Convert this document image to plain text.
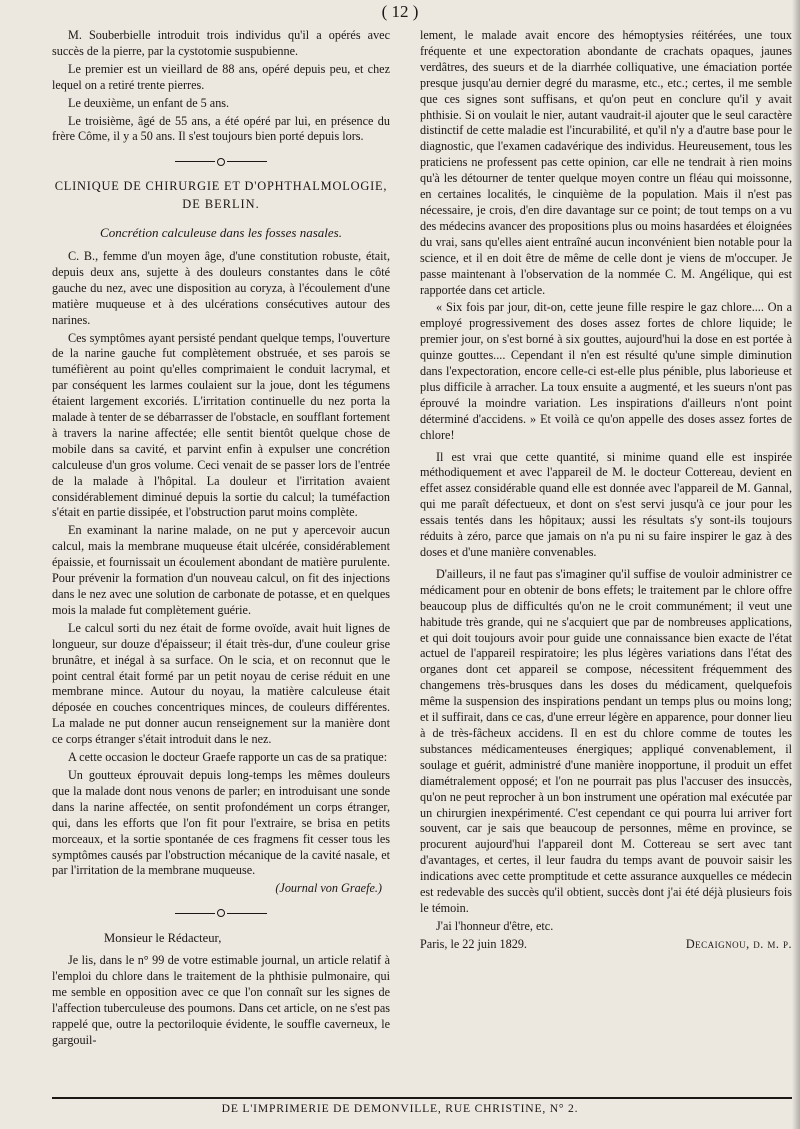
( 12 )

M. Souberbielle introduit trois individus qu'il a opérés avec succès de la pierre, par la cystotomie suspubienne.

Le premier est un vieillard de 88 ans, opéré depuis peu, et chez lequel on a retiré trente pierres.

Le deuxième, un enfant de 5 ans.

Le troisième, âgé de 55 ans, a été opéré par lui, en présence du frère Côme, il y a 50 ans. Il s'est toujours bien porté depuis lors.

CLINIQUE DE CHIRURGIE ET D'OPHTHALMOLOGIE,
DE BERLIN.
Concrétion calculeuse dans les fosses nasales.

C. B., femme d'un moyen âge, d'une constitution robuste, était, depuis deux ans, sujette à des douleurs constantes dans le côté gauche du nez, avec une disposition au coryza, à l'écoulement d'une matière muqueuse et à des ulcérations consécutives autour des narines.

Ces symptômes ayant persisté pendant quelque temps, l'ouverture de la narine gauche fut complètement obstruée, et ses parois se tuméfièrent au point qu'elles comprimaient le conduit lacrymal, et par conséquent les larmes coulaient sur la joue, dont les tégumens étaient largement excoriés. L'irritation continuelle du nez porta la malade à tenter de se débarrasser de l'obstacle, en soufflant fortement à travers la narine affectée; elle sentit bientôt quelque chose de mobile dans sa cavité, et parvint enfin à expulser une concrétion calculeuse d'un gros volume. Ceci venait de se passer lors de l'entrée de la malade à l'hôpital. La douleur et l'irritation avaient considérablement diminué depuis la sortie du calcul; la tuméfaction s'était en partie dissipée, et l'obstruction parut moins complète.

En examinant la narine malade, on ne put y apercevoir aucun calcul, mais la membrane muqueuse était ulcérée, considérablement épaissie, et fournissait un écoulement abondant de matière purulente. Pour prévenir la formation d'un nouveau calcul, on fit des injections dans le nez avec une solution de carbonate de potasse, et en quelques mois la malade fut complètement guérie.

Le calcul sorti du nez était de forme ovoïde, avait huit lignes de longueur, sur douze d'épaisseur; il était très-dur, d'une couleur grise brunâtre, et inégal à sa surface. On le scia, et on reconnut que le point central était formé par un petit noyau de cerise réduit en une membrane mince. Autour du noyau, la matière calculeuse était déposée en couches concentriques minces, de couleurs différentes. La malade ne put donner aucun renseignement sur la manière dont ce corps étranger s'était introduit dans le nez.

A cette occasion le docteur Graefe rapporte un cas de sa pratique:

Un goutteux éprouvait depuis long-temps les mêmes douleurs que la malade dont nous venons de parler; en introduisant une sonde dans la narine affectée, on sentit profondément un corps étranger, qui, dans les efforts que l'on fit pour l'extraire, se brisa en petits morceaux, et la sortie spontanée de ces fragmens fit cesser tous les symptômes causés par l'obstruction mécanique de la cavité nasale, et par l'irritation de la membrane muqueuse.

(Journal von Graefe.)

Monsieur le Rédacteur,

Je lis, dans le n° 99 de votre estimable journal, un article relatif à l'emploi du chlore dans le traitement de la phthisie pulmonaire, qui me semble en opposition avec ce que l'on connaît sur les signes de l'affection tuberculeuse des poumons. Dans cet article, on ne s'est pas rappelé que, outre la pectoriloquie évidente, le souffle caverneux, le gargouil-

lement, le malade avait encore des hémoptysies réitérées, une toux fréquente et une expectoration abondante de crachats opaques, jaunes verdâtres, des sueurs et de la diarrhée colliquative, une émaciation portée presque jusqu'au dernier degré du marasme, etc., etc.; certes, il me semble que ces signes sont suffisans, et qu'on peut en conclure qu'il y avait phthisie. Si on voulait le nier, autant vaudrait-il ajouter que le seul caractère distinctif de cette maladie est l'incurabilité, et qu'il n'y a d'autre base pour le diagnostic, que l'examen cadavérique des individus. Heureusement, tous les praticiens ne professent pas cette opinion, car elle ne tendrait à rien moins qu'à les détourner de tenter quelque moyen contre un fléau qui moissonne, en certaines localités, le cinquième de la population. Mais il n'est pas nécessaire, je crois, d'en dire davantage sur ce point; de tout temps on a vu des médecins avancer des propositions plus ou moins hasardées et éloignées du vrai, sans qu'elles aient entraîné aucun inconvénient bien notable pour la science, et il en doit être de même de celle dont je viens de m'occuper. Je passe maintenant à l'observation de la nommée C. M. Angélique, qui est rapportée dans cet article.

« Six fois par jour, dit-on, cette jeune fille respire le gaz chlore.... On a employé progressivement des doses assez fortes de chlore liquide; le premier jour, on s'est borné à six gouttes, aujourd'hui la dose en est portée à quinze gouttes.... Cependant il n'en est résulté qu'une simple diminution dans l'expectoration, encore celle-ci est-elle plus pénible, plus laborieuse et plus difficile à arracher. La toux ensuite a augmenté, et les sueurs n'ont pas éprouvé la moindre variation. Les inspirations d'ailleurs n'ont point déterminé d'accidens. » Et voilà ce qu'on appelle des doses assez fortes de chlore!

Il est vrai que cette quantité, si minime quand elle est inspirée méthodiquement et avec l'appareil de M. le docteur Cottereau, devient en effet assez considérable quand elle est donnée avec l'appareil de M. Gannal, qui me paraît défectueux, et dont on s'est servi jusqu'à ce jour pour les essais tentés dans les hôpitaux; aussi les résultats s'y sont-ils toujours réduits à zéro, parce que jamais on n'a pu ni su faire inspirer le gaz à des doses et d'une manière convenables.

D'ailleurs, il ne faut pas s'imaginer qu'il suffise de vouloir administrer ce médicament pour en obtenir de bons effets; le traitement par le chlore offre beaucoup plus de difficultés qu'on ne le croit communément; il veut une habitude très grande, qui ne s'acquiert que par de nombreuses applications, et qui doit toujours avoir pour guide une connaissance bien exacte de l'état actuel de l'appareil respiratoire; les plus légères variations dans l'état des organes dont cet appareil se compose, nécessitent fréquemment des changemens très-brusques dans les doses du médicament, quelquefois même la suspension des inspirations pendant un temps plus ou moins long; et il suffirait, dans ce cas, d'une erreur légère en apparence, pour donner lieu à de très-fâcheux accidens. Il en est du chlore comme de toutes les substances médicamenteuses énergiques; appliqué convenablement, il soulage et guérit, administré d'une manière inopportune, il produit un effet diamétralement opposé; et l'on ne pourrait pas plus l'accuser des insuccès, qu'on ne peut reprocher à un bon instrument une opération mal exécutée par un chirurgien inexpérimenté. C'est cependant ce qui pourra lui arriver fort souvent, car je sais que beaucoup de personnes, même en province, se procurent aujourd'hui l'appareil dont M. Cottereau se sert avec tant d'avantages, et certes, il leur faudra du temps avant de pouvoir saisir les indications avec cette promptitude et cette assurance auxquelles ce médecin est redevable des succès qu'il obtient, succès dont j'ai été déjà plusieurs fois le témoin.

J'ai l'honneur d'être, etc.

Paris, le 22 juin 1829.	Decaignou, d. m. p.
DE L'IMPRIMERIE DE DEMONVILLE, RUE CHRISTINE, N° 2.
